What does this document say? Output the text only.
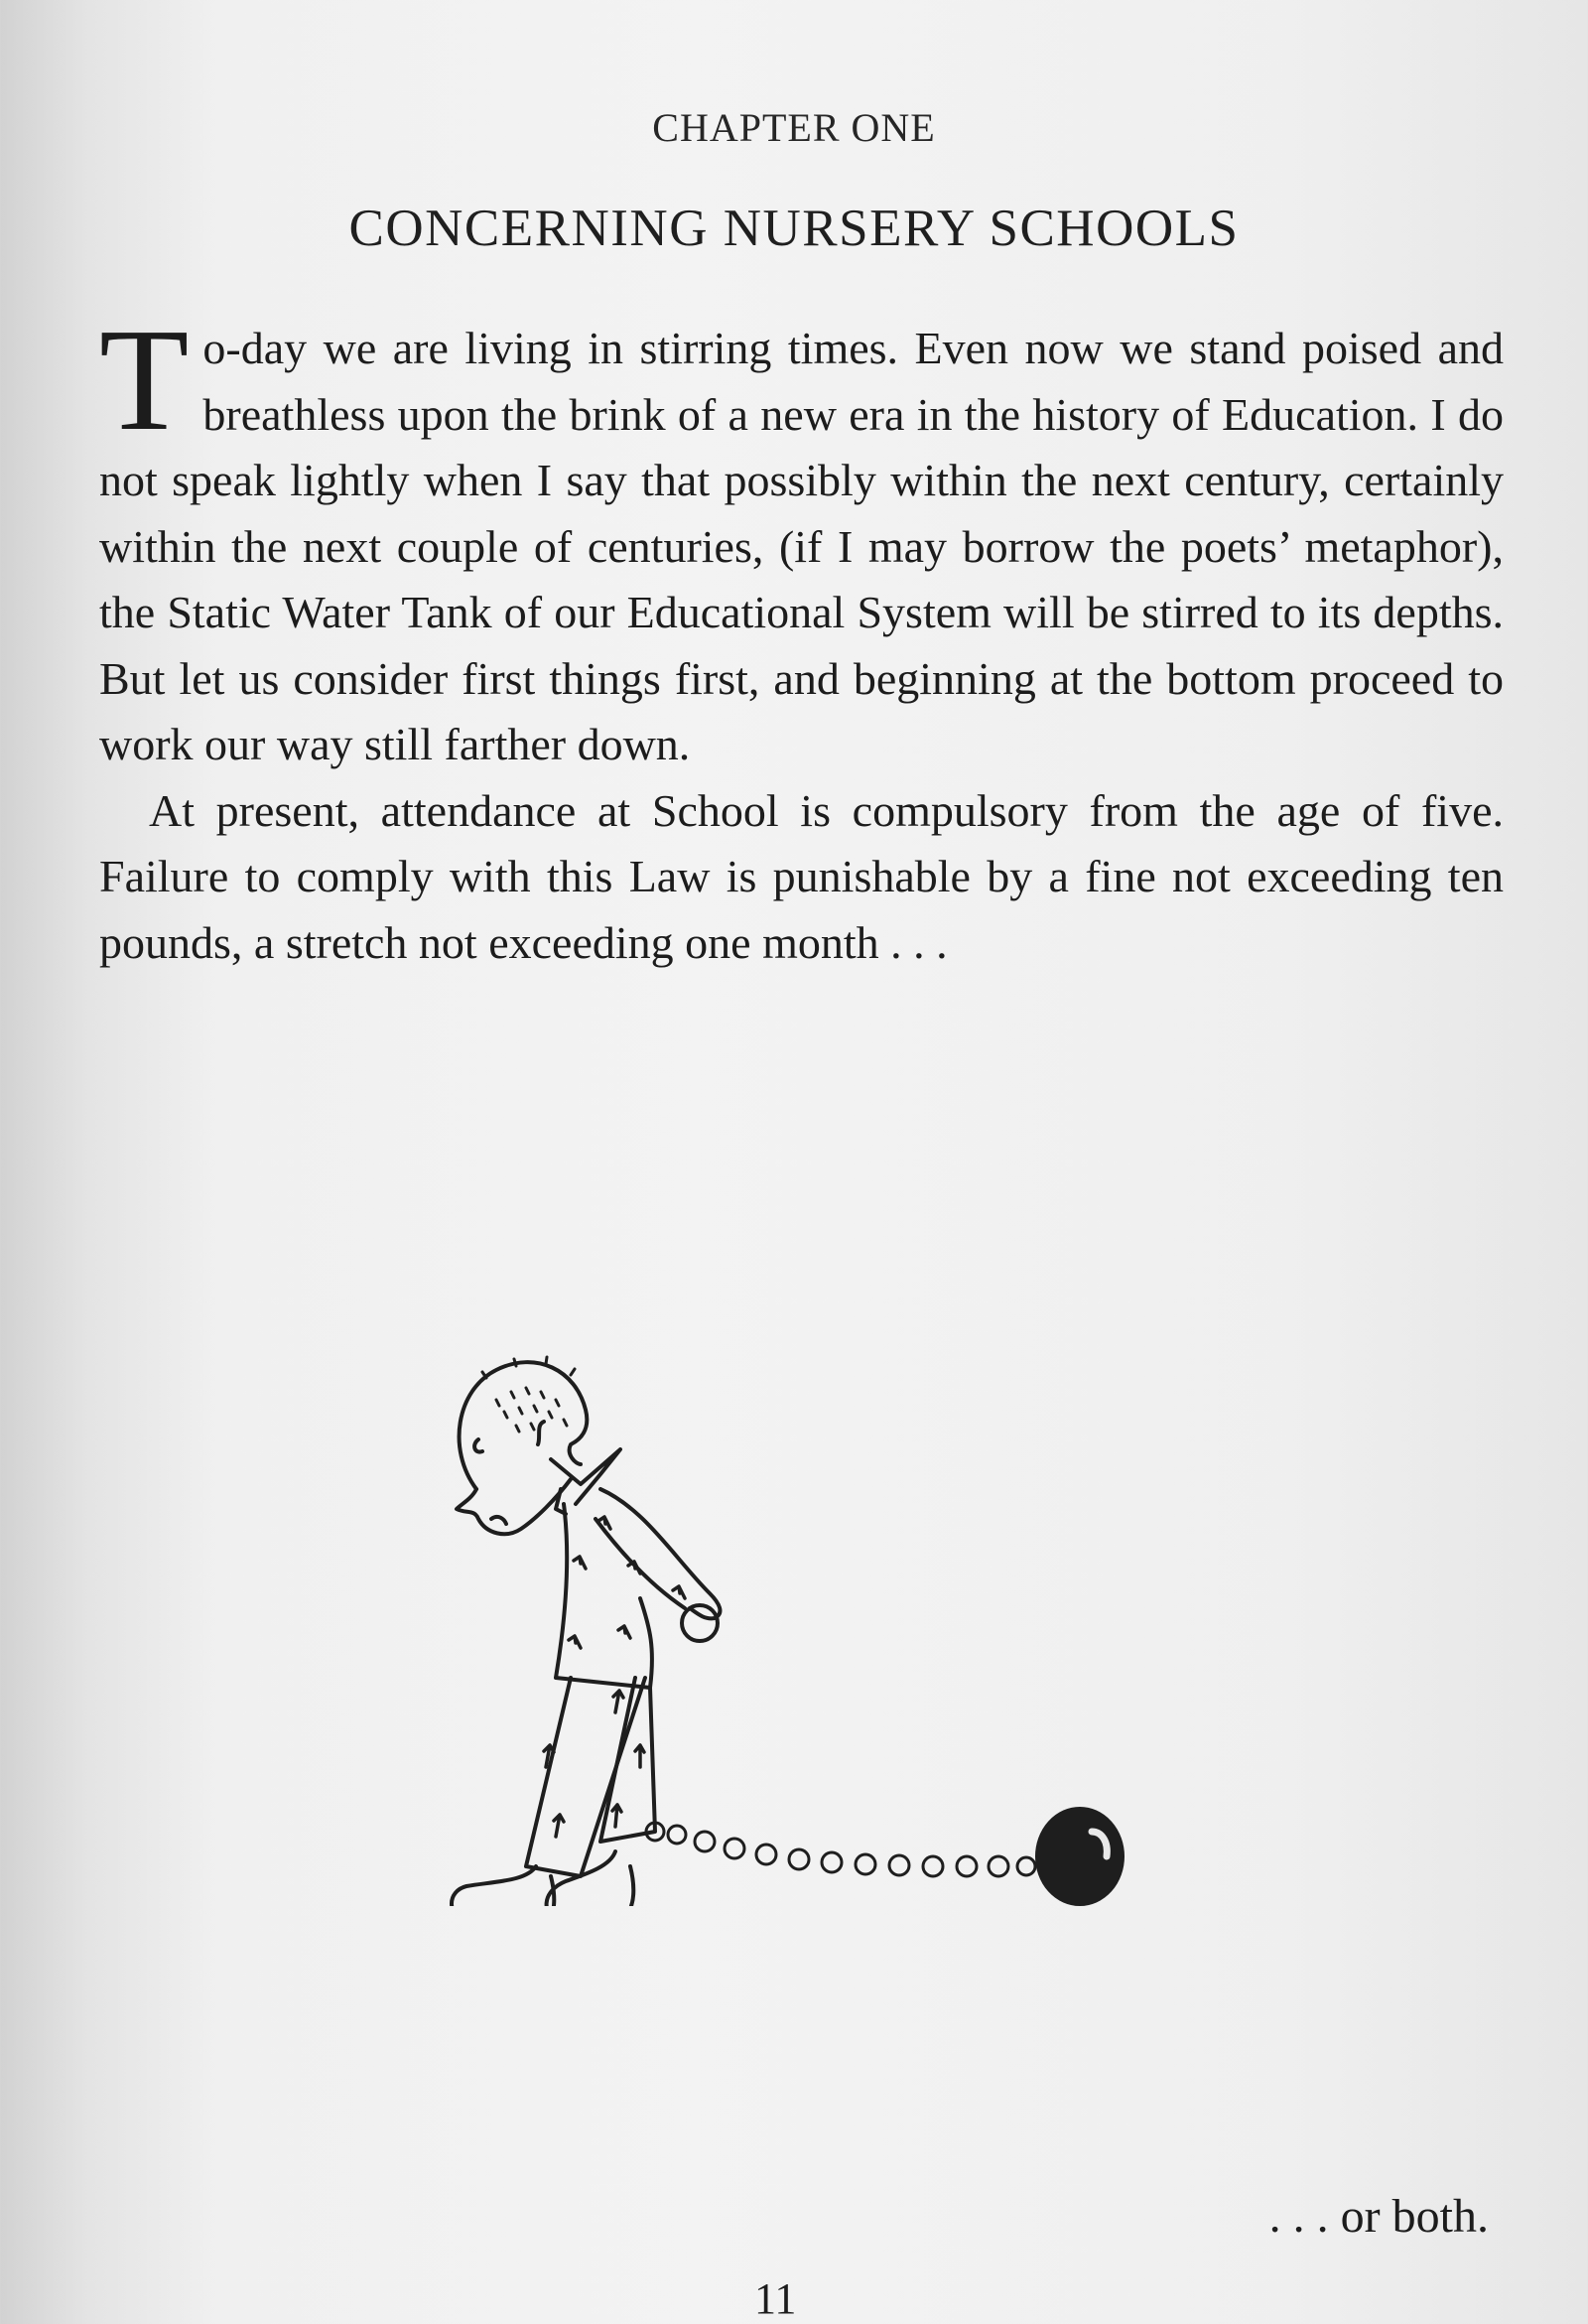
CHAPTER ONE
CONCERNING NURSERY SCHOOLS

To-day we are living in stirring times. Even now we stand poised and breathless upon the brink of a new era in the history of Education. I do not speak lightly when I say that possibly within the next century, certainly within the next couple of centuries, (if I may borrow the poets’ metaphor), the Static Water Tank of our Educational System will be stirred to its depths. But let us consider first things first, and beginning at the bottom proceed to work our way still farther down.

At present, attendance at School is compulsory from the age of five. Failure to comply with this Law is punishable by a fine not exceeding ten pounds, a stretch not exceeding one month . . .

. . . or both.
11
